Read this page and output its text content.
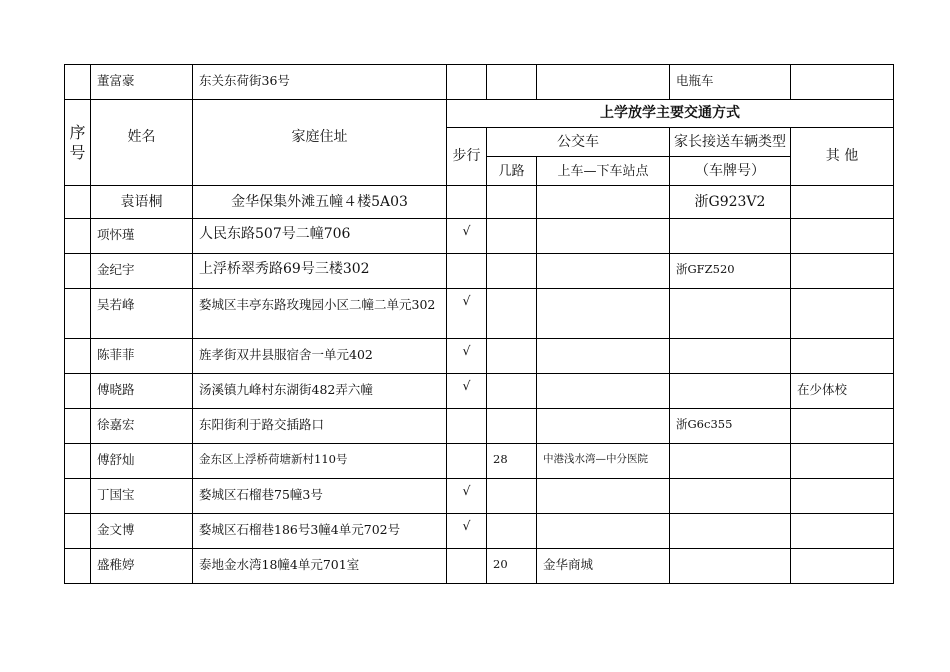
	董富豪	东关东荷街36号				电瓶车	
序
号	姓名	家庭住址	上学放学主要交通方式				
			步行	公交车		家长接送车辆类型	其 他
				几路	上车—下车站点	（车牌号）	
	袁语桐	金华保集外滩五幢４楼5A03				浙G923V2	
	项怀瑾	人民东路507号二幢706	√				
	金纪宇	上浮桥翠秀路69号三楼302				浙GFZ520	
	吴若峰	婺城区丰亭东路玫瑰园小区二幢二单元302	√				
	陈菲菲	旌孝街双井县服宿舍一单元402	√				
	傅晓路	汤溪镇九峰村东湖街482弄六幢	√				在少体校
	徐嘉宏	东阳街利于路交插路口				浙G6c355	
	傅舒灿	金东区上浮桥荷塘新村110号		28	中港浅水湾—中分医院		
	丁国宝	婺城区石榴巷75幢3号	√				
	金文博	婺城区石榴巷186号3幢4单元702号	√				
	盛稚婷	泰地金水湾18幢4单元701室		20	金华商城		
